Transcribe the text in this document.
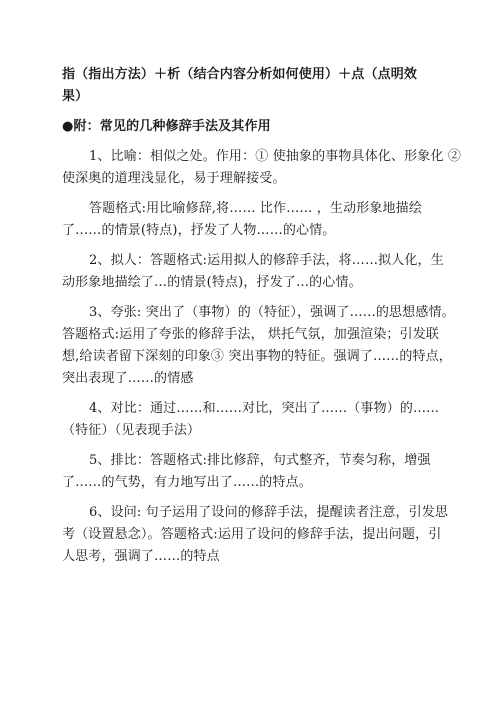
指（指出方法）＋析（结合内容分析如何使用）＋点（点明效
果）
●附：常见的几种修辞手法及其作用
1、比喻：相似之处。作用：① 使抽象的事物具体化、形象化 ②
使深奥的道理浅显化，易于理解接受。
答题格式:用比喻修辞,将…… 比作…… ，生动形象地描绘
了……的情景(特点)，抒发了人物……的心情。
2、拟人：答题格式:运用拟人的修辞手法，将……拟人化，生
动形象地描绘了…的情景(特点)，抒发了…的心情。
3、夸张: 突出了（事物）的（特征），强调了……的思想感情。
答题格式:运用了夸张的修辞手法， 烘托气氛，加强渲染；引发联
想,给读者留下深刻的印象③ 突出事物的特征。强调了……的特点，
突出表现了……的情感
4、对比：通过……和……对比，突出了……（事物）的……
（特征）（见表现手法）
5、排比：答题格式:排比修辞，句式整齐，节奏匀称，增强
了……的气势，有力地写出了……的特点。
6、设问: 句子运用了设问的修辞手法，提醒读者注意，引发思
考（设置悬念）。答题格式:运用了设问的修辞手法，提出问题，引
人思考，强调了……的特点
